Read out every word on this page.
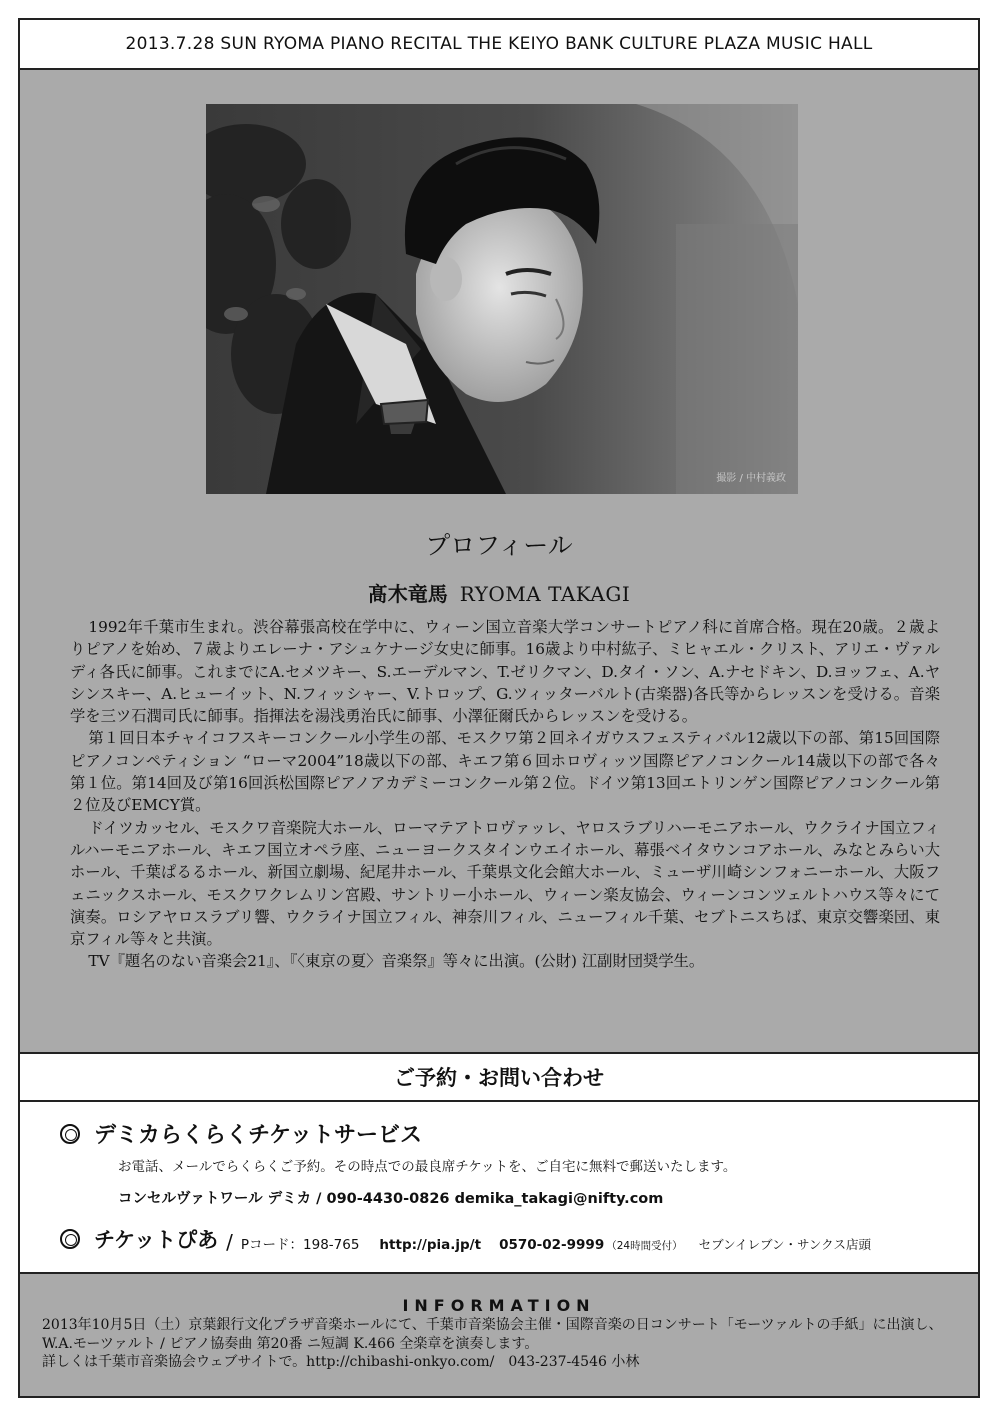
2013.7.28 SUN RYOMA PIANO RECITAL THE KEIYO BANK CULTURE PLAZA MUSIC HALL
撮影 / 中村義政
プロフィール
髙木竜馬 RYOMA TAKAGI

1992年千葉市生まれ。渋谷幕張高校在学中に、ウィーン国立音楽大学コンサートピアノ科に首席合格。現在20歳。２歳よりピアノを始め、７歳よりエレーナ・アシュケナージ女史に師事。16歳より中村紘子、ミヒャエル・クリスト、アリエ・ヴァルディ各氏に師事。これまでにA.セメツキー、S.エーデルマン、T.ゼリクマン、D.タイ・ソン、A.ナセドキン、D.ヨッフェ、A.ヤシンスキー、A.ヒューイット、N.フィッシャー、V.トロップ、G.ツィッターバルト(古楽器)各氏等からレッスンを受ける。音楽学を三ツ石潤司氏に師事。指揮法を湯浅勇治氏に師事、小澤征爾氏からレッスンを受ける。

第１回日本チャイコフスキーコンクール小学生の部、モスクワ第２回ネイガウスフェスティバル12歳以下の部、第15回国際ピアノコンペティション “ローマ2004”18歳以下の部、キエフ第６回ホロヴィッツ国際ピアノコンクール14歳以下の部で各々第１位。第14回及び第16回浜松国際ピアノアカデミーコンクール第２位。ドイツ第13回エトリンゲン国際ピアノコンクール第２位及びEMCY賞。

ドイツカッセル、モスクワ音楽院大ホール、ローマテアトロヴァッレ、ヤロスラブリハーモニアホール、ウクライナ国立フィルハーモニアホール、キエフ国立オペラ座、ニューヨークスタインウエイホール、幕張ベイタウンコアホール、みなとみらい大ホール、千葉ぱるるホール、新国立劇場、紀尾井ホール、千葉県文化会館大ホール、ミューザ川崎シンフォニーホール、大阪フェニックスホール、モスクワクレムリン宮殿、サントリー小ホール、ウィーン楽友協会、ウィーンコンツェルトハウス等々にて演奏。ロシアヤロスラブリ響、ウクライナ国立フィル、神奈川フィル、ニューフィル千葉、セブトニスちば、東京交響楽団、東京フィル等々と共演。

TV『題名のない音楽会21』、『〈東京の夏〉音楽祭』等々に出演。(公財) 江副財団奨学生。

ご予約・お問い合わせ
デミカらくらくチケットサービス
お電話、メールでらくらくご予約。その時点での最良席チケットを、ご自宅に無料で郵送いたします。
コンセルヴァトワール デミカ / 090-4430-0826 demika_takagi@nifty.com
チケットぴあ / Pコード：198-765 http://pia.jp/t 0570-02-9999 （24時間受付） セブンイレブン・サンクス店頭
INFORMATION
2013年10月5日（土）京葉銀行文化プラザ音楽ホールにて、千葉市音楽協会主催・国際音楽の日コンサート「モーツァルトの手紙」に出演し、W.A.モーツァルト / ピアノ協奏曲 第20番 ニ短調 K.466 全楽章を演奏します。
詳しくは千葉市音楽協会ウェブサイトで。http://chibashi-onkyo.com/　043-237-4546 小林
